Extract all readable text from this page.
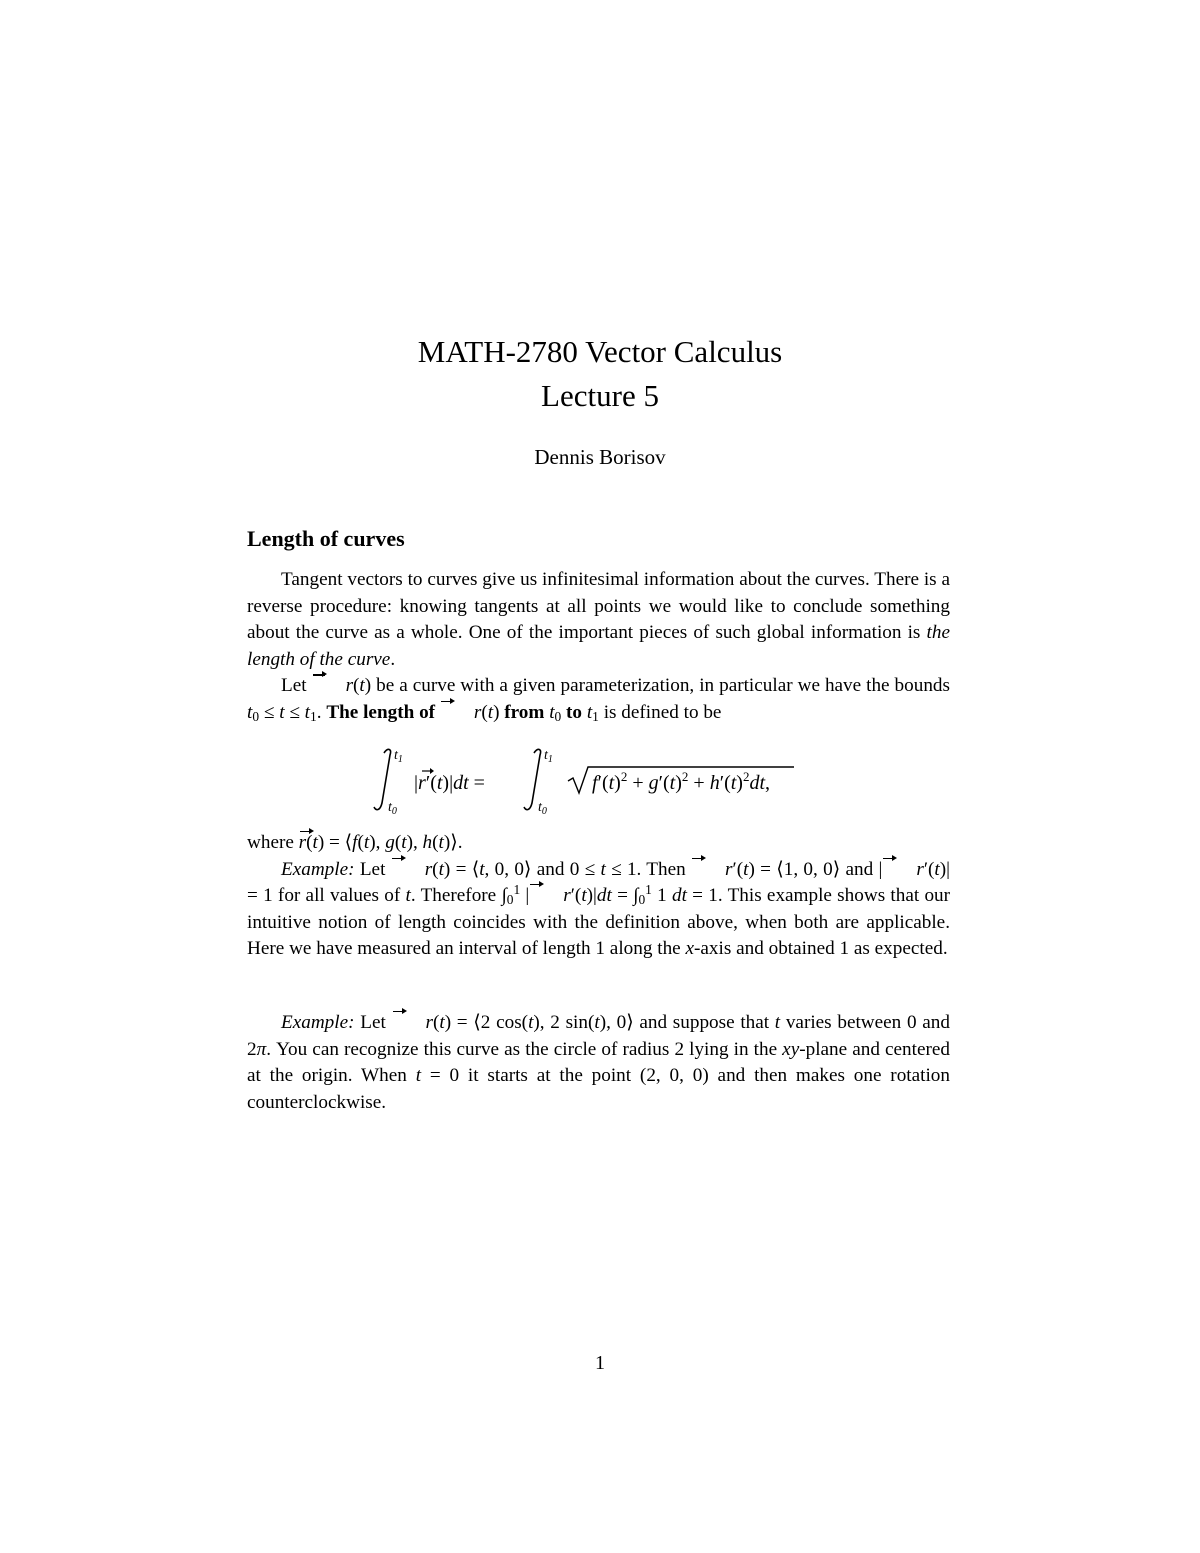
MATH-2780 Vector Calculus
Lecture 5
Dennis Borisov
Length of curves

Tangent vectors to curves give us infinitesimal information about the curves. There is a reverse procedure: knowing tangents at all points we would like to conclude something about the curve as a whole. One of the important pieces of such global information is the length of the curve.

Let r(t) be a curve with a given parameterization, in particular we have the bounds $t_0 \le t \le t_1$. The length of r(t) from $t_0$ to $t_1$ is defined to be

$t_1$
$t_0$
|r′(t)|dt =
$t_1$
$t_0$
$f'(t)^2 + g'(t)^2 + h'(t)^2dt$,

where r(t) = ⟨f(t), g(t), h(t)⟩.

Example: Let r(t) = ⟨t, 0, 0⟩ and 0 ≤ t ≤ 1. Then r′(t) = ⟨1, 0, 0⟩ and | r′(t)| = 1 for all values of t. Therefore $\int_0^1$ | $r'(t)|dt = \int_0^1$ 1 dt = 1. This example shows that our intuitive notion of length coincides with the definition above, when both are applicable. Here we have measured an interval of length 1 along the x-axis and obtained 1 as expected.

Example: Let r(t) = ⟨2 cos(t), 2 sin(t), 0⟩ and suppose that t varies between 0 and 2π. You can recognize this curve as the circle of radius 2 lying in the xy-plane and centered at the origin. When t = 0 it starts at the point (2, 0, 0) and then makes one rotation counterclockwise.

1
